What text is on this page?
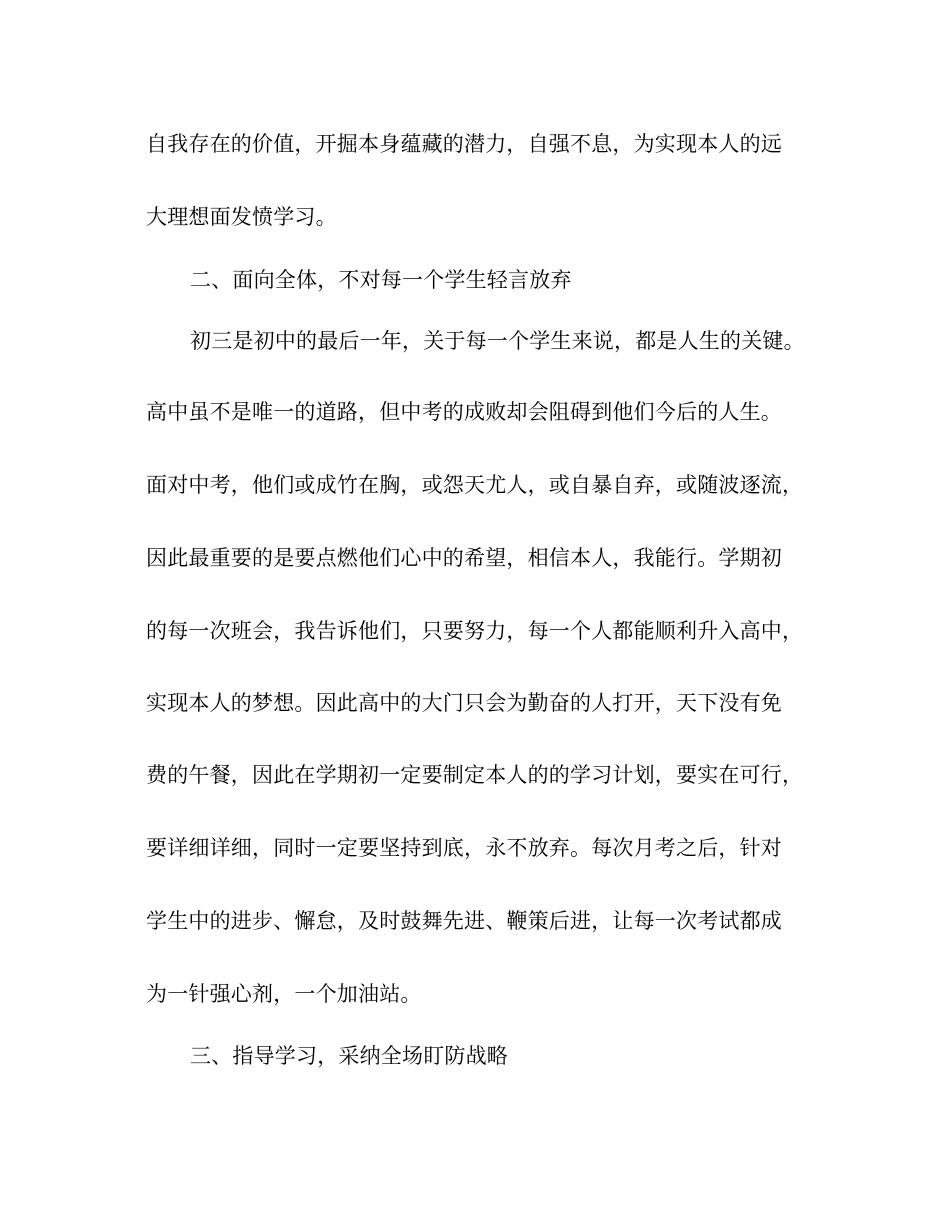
自我存在的价值，开掘本身蕴藏的潜力，自强不息，为实现本人的远
大理想面发愤学习。
二、面向全体，不对每一个学生轻言放弃
初三是初中的最后一年，关于每一个学生来说，都是人生的关键。
高中虽不是唯一的道路，但中考的成败却会阻碍到他们今后的人生。
面对中考，他们或成竹在胸，或怨天尤人，或自暴自弃，或随波逐流，
因此最重要的是要点燃他们心中的希望，相信本人，我能行。学期初
的每一次班会，我告诉他们，只要努力，每一个人都能顺利升入高中，
实现本人的梦想。因此高中的大门只会为勤奋的人打开，天下没有免
费的午餐，因此在学期初一定要制定本人的的学习计划，要实在可行，
要详细详细，同时一定要坚持到底，永不放弃。每次月考之后，针对
学生中的进步、懈怠，及时鼓舞先进、鞭策后进，让每一次考试都成
为一针强心剂，一个加油站。
三、指导学习，采纳全场盯防战略
